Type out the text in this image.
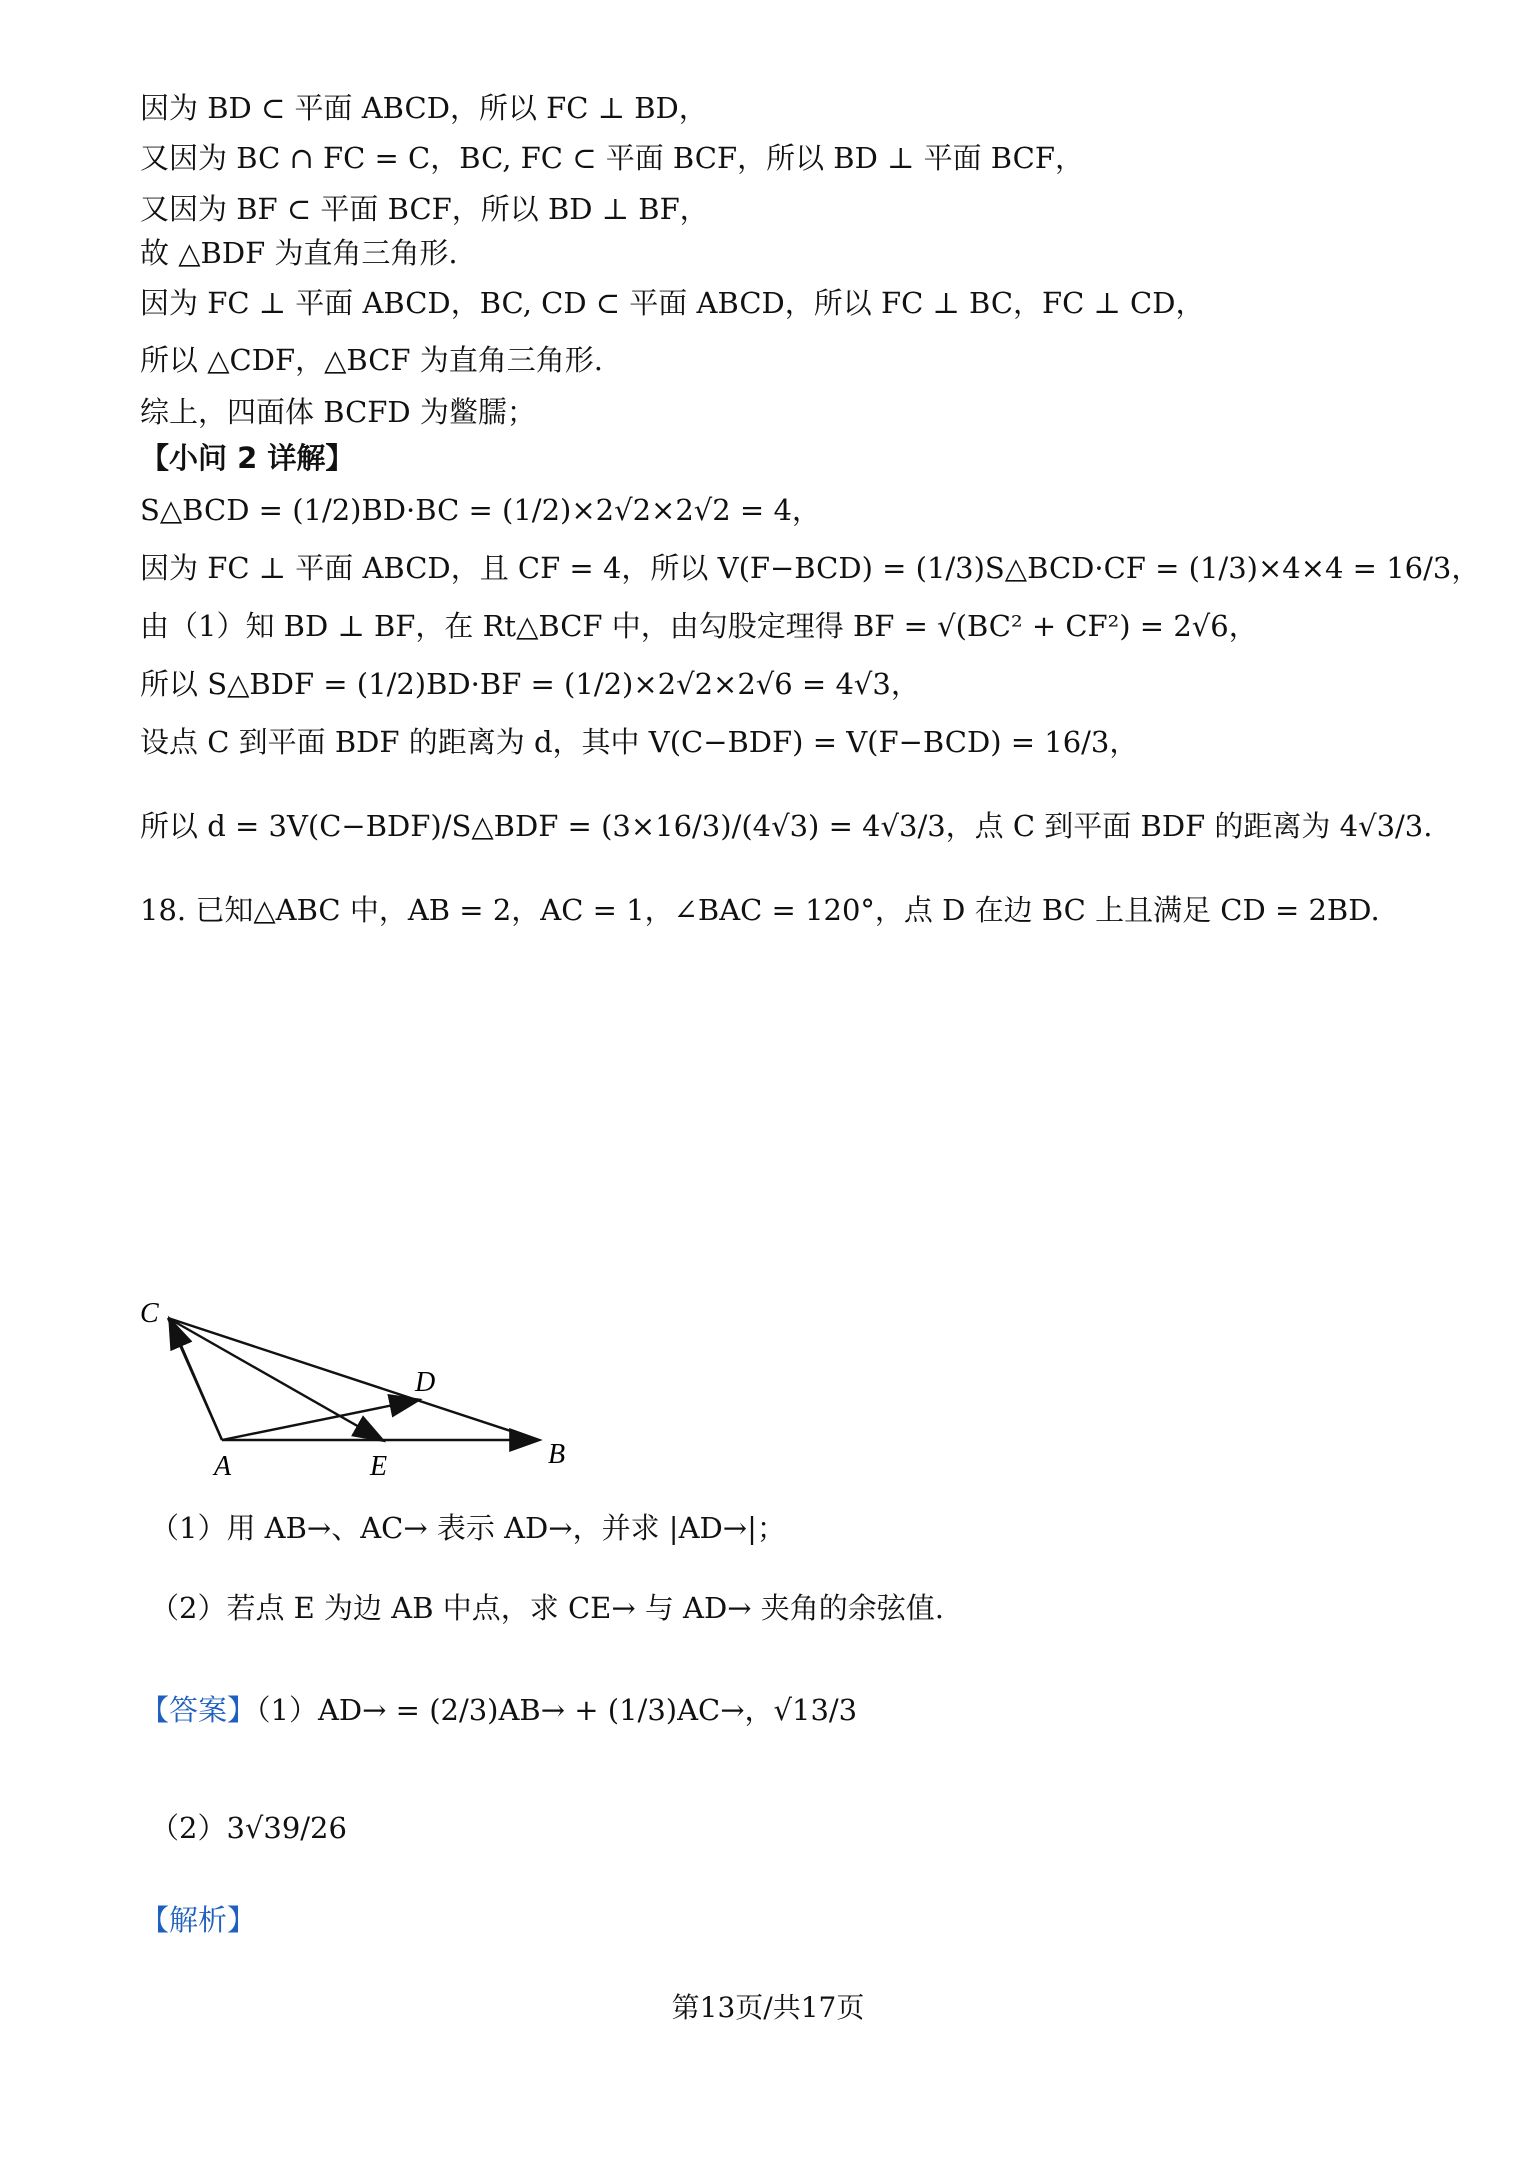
因为 BD ⊂ 平面 ABCD，所以 FC ⊥ BD，
又因为 BC ∩ FC = C，BC, FC ⊂ 平面 BCF，所以 BD ⊥ 平面 BCF，
又因为 BF ⊂ 平面 BCF，所以 BD ⊥ BF，
故 △BDF 为直角三角形.
因为 FC ⊥ 平面 ABCD，BC, CD ⊂ 平面 ABCD，所以 FC ⊥ BC，FC ⊥ CD，
所以 △CDF，△BCF 为直角三角形.
综上，四面体 BCFD 为鳖臑；
【小问 2 详解】
S△BCD = (1/2)BD·BC = (1/2)×2√2×2√2 = 4，
因为 FC ⊥ 平面 ABCD，且 CF = 4，所以 V(F−BCD) = (1/3)S△BCD·CF = (1/3)×4×4 = 16/3，
由（1）知 BD ⊥ BF，在 Rt△BCF 中，由勾股定理得 BF = √(BC² + CF²) = 2√6，
所以 S△BDF = (1/2)BD·BF = (1/2)×2√2×2√6 = 4√3，
设点 C 到平面 BDF 的距离为 d，其中 V(C−BDF) = V(F−BCD) = 16/3，
所以 d = 3V(C−BDF)/S△BDF = (3×16/3)/(4√3) = 4√3/3，点 C 到平面 BDF 的距离为 4√3/3.
18. 已知△ABC 中，AB = 2，AC = 1，∠BAC = 120°，点 D 在边 BC 上且满足 CD = 2BD.
C
D
A	E	B
（1）用 AB→、AC→ 表示 AD→，并求 |AD→|；
（2）若点 E 为边 AB 中点，求 CE→ 与 AD→ 夹角的余弦值.
【答案】（1）AD→ = (2/3)AB→ + (1/3)AC→，√13/3
（2）3√39/26
【解析】
第13页/共17页
